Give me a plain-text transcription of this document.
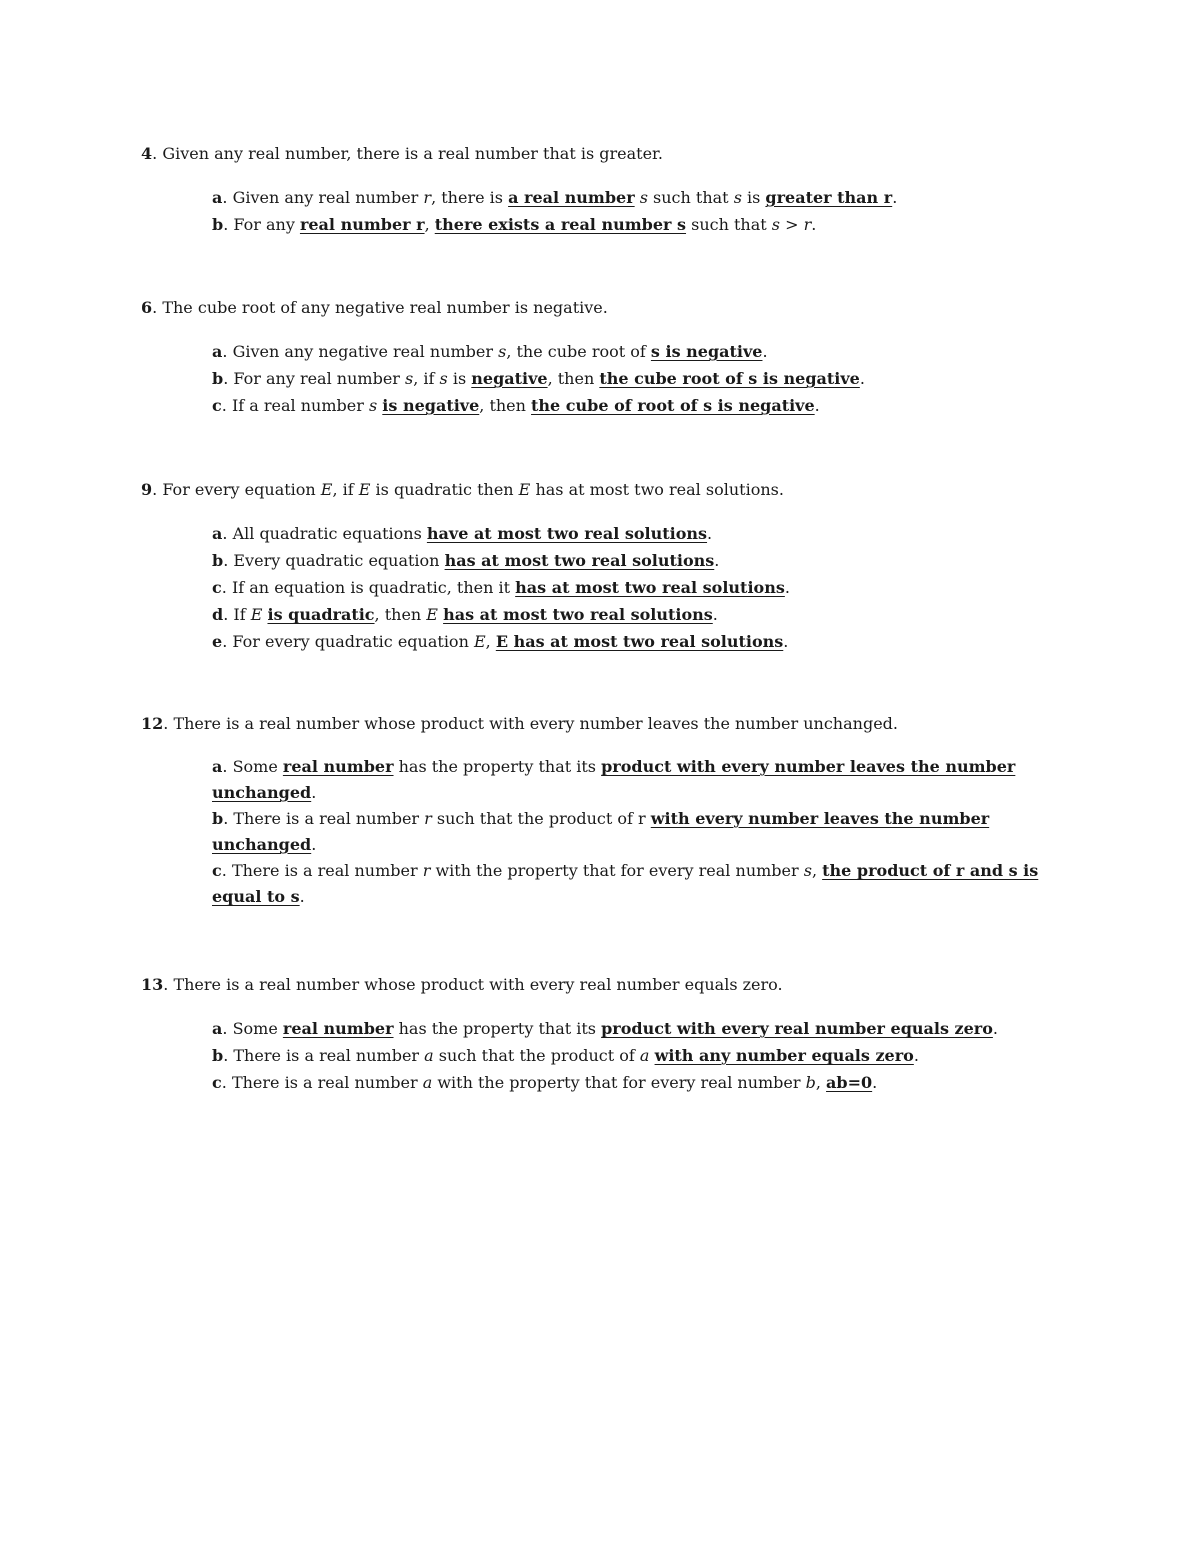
4. Given any real number, there is a real number that is greater.

a. Given any real number r, there is a real number s such that s is greater than r.

b. For any real number r, there exists a real number s such that s > r.

6. The cube root of any negative real number is negative.

a. Given any negative real number s, the cube root of s is negative.

b. For any real number s, if s is negative, then the cube root of s is negative.

c. If a real number s is negative, then the cube of root of s is negative.

9. For every equation E, if E is quadratic then E has at most two real solutions.

a. All quadratic equations have at most two real solutions.

b. Every quadratic equation has at most two real solutions.

c. If an equation is quadratic, then it has at most two real solutions.

d. If E is quadratic, then E has at most two real solutions.

e. For every quadratic equation E, E has at most two real solutions.

12. There is a real number whose product with every number leaves the number unchanged.

a. Some real number has the property that its product with every number leaves the number unchanged.

b. There is a real number r such that the product of r with every number leaves the number unchanged.

c. There is a real number r with the property that for every real number s, the product of r and s is equal to s.

13. There is a real number whose product with every real number equals zero.

a. Some real number has the property that its product with every real number equals zero.

b. There is a real number a such that the product of a with any number equals zero.

c. There is a real number a with the property that for every real number b, ab=0.
